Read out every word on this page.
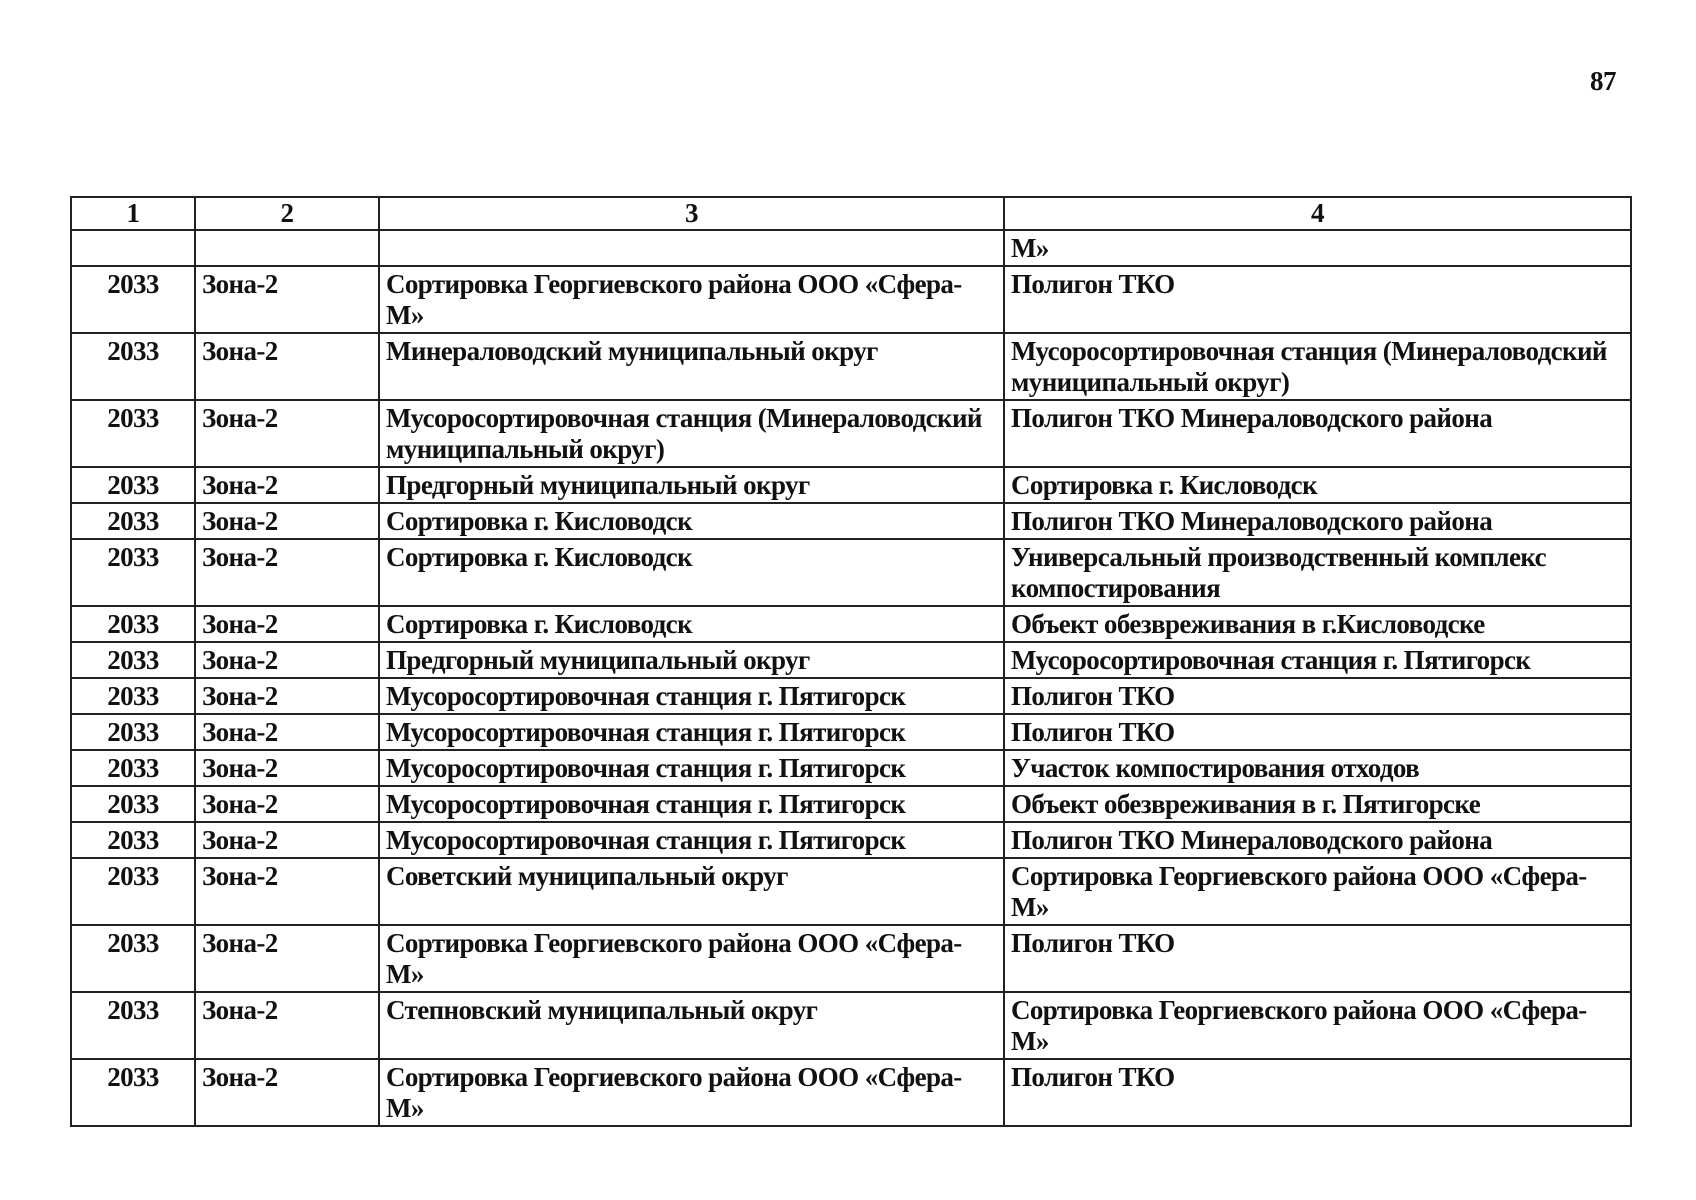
87
1	2	3	4
			М»
2033	Зона-2	Сортировка Георгиевского района ООО «Сфера-М»	Полигон ТКО
2033	Зона-2	Минераловодский муниципальный округ	Мусоросортировочная станция (Минераловодский муниципальный округ)
2033	Зона-2	Мусоросортировочная станция (Минераловодский муниципальный округ)	Полигон ТКО Минераловодского района
2033	Зона-2	Предгорный муниципальный округ	Сортировка г. Кисловодск
2033	Зона-2	Сортировка г. Кисловодск	Полигон ТКО Минераловодского района
2033	Зона-2	Сортировка г. Кисловодск	Универсальный производственный комплекс компостирования
2033	Зона-2	Сортировка г. Кисловодск	Объект обезвреживания в г.Кисловодске
2033	Зона-2	Предгорный муниципальный округ	Мусоросортировочная станция г. Пятигорск
2033	Зона-2	Мусоросортировочная станция г. Пятигорск	Полигон ТКО
2033	Зона-2	Мусоросортировочная станция г. Пятигорск	Полигон ТКО
2033	Зона-2	Мусоросортировочная станция г. Пятигорск	Участок компостирования отходов
2033	Зона-2	Мусоросортировочная станция г. Пятигорск	Объект обезвреживания в г. Пятигорске
2033	Зона-2	Мусоросортировочная станция г. Пятигорск	Полигон ТКО Минераловодского района
2033	Зона-2	Советский муниципальный округ	Сортировка Георгиевского района ООО «Сфера-М»
2033	Зона-2	Сортировка Георгиевского района ООО «Сфера-М»	Полигон ТКО
2033	Зона-2	Степновский муниципальный округ	Сортировка Георгиевского района ООО «Сфера-М»
2033	Зона-2	Сортировка Георгиевского района ООО «Сфера-М»	Полигон ТКО
